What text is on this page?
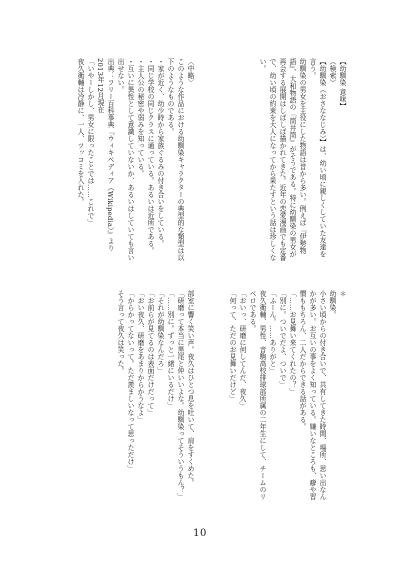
【幼馴染 意味】
（検索）
【幼馴染（おさななじみ）】は、幼い頃に親しくしていた友達を言う。
幼馴染の男女を主役にした物語は昔から多い。例えば『伊勢物語』、大和物語の『筒井筒』がそうである。特に幼馴染の男女が再会する展開はしばしば描かれてきた。近年の恋愛漫画でも定番で、幼い頃の約束を大人になってから果たすという話は珍しくない。
〈中略〉
このような作品における幼馴染キャラクターの典型的な類型は以下のようなものである。
・家が近く、幼少時から家族ぐるみの付き合いをしている。
・同じ学校の同じクラスに通っている。あるいは近所である。
・主人公の秘密や弱みを知っている。
・互いに異性として意識していないか、あるいはしていても言い出せない。
出典：フリー百科事典『ウィキペディア（Wikipedia）』より 2013年12月現在
「いやーしかし、男女に限ったことでは……これで」
夜久衛輔は冷静に、一人、ツッコミを入れた。
＊
幼馴染。
小さい頃からの付き合いで、共有してきた時間、場所、思い出なんかが多い。お互いの事をよく知っている。嫌いなところも、癖や習慣ももちろん、二人だからできる話がある。
「……お見舞い来てくれたの？」
「別に。ついでだよ、ついで」
「ふーん。……ありがと」
夜久衛輔、男性、音駒高校排球部所属の二年生にして、チームのリベロである。
「おいっ、研磨に何してんだ、夜久」
「何って、ただのお見舞いだけど」
部室に響く笑い声。夜久はひとつ息を吐いて、肩をすくめた。
「研磨って本当に黒尾と仲いいよな。幼馴染ってそういうもん？」
「……別に。ずっと一緒にいるだけ」
「それが幼馴染なんだろ」
「お前らが見てるのは表面だけだって」
「おい夜久、研磨をあまりからかうなよ」
「からかってないって。ただ羨ましいなって思っただけ」
そう言って夜久は笑った。
10
